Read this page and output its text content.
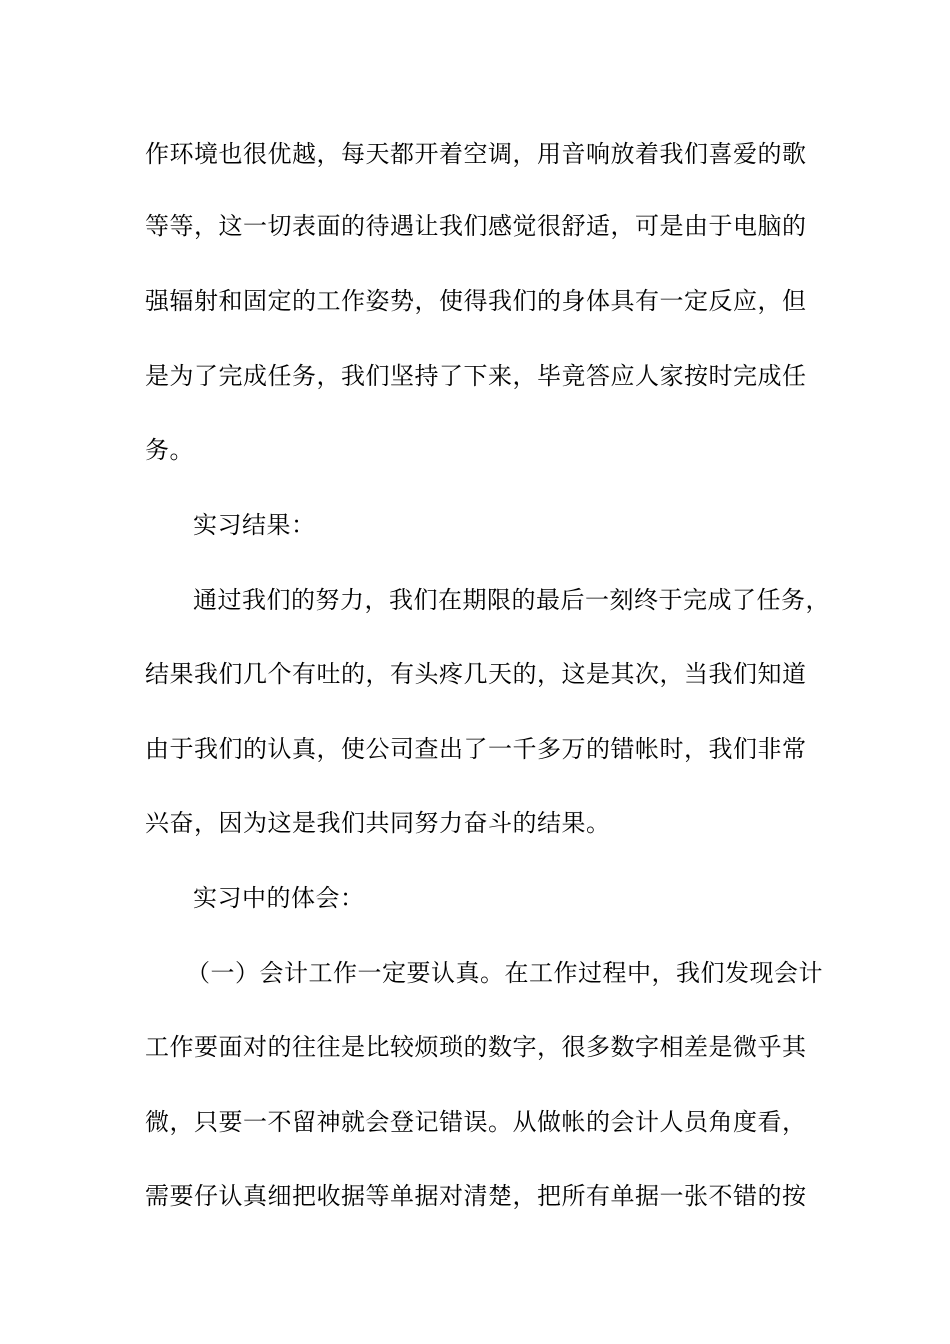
作环境也很优越，每天都开着空调，用音响放着我们喜爱的歌
等等，这一切表面的待遇让我们感觉很舒适，可是由于电脑的
强辐射和固定的工作姿势，使得我们的身体具有一定反应，但
是为了完成任务，我们坚持了下来，毕竟答应人家按时完成任
务。
实习结果：
通过我们的努力，我们在期限的最后一刻终于完成了任务，
结果我们几个有吐的，有头疼几天的，这是其次，当我们知道
由于我们的认真，使公司查出了一千多万的错帐时，我们非常
兴奋，因为这是我们共同努力奋斗的结果。
实习中的体会：
（一）会计工作一定要认真。在工作过程中，我们发现会计
工作要面对的往往是比较烦琐的数字，很多数字相差是微乎其
微，只要一不留神就会登记错误。从做帐的会计人员角度看，
需要仔认真细把收据等单据对清楚，把所有单据一张不错的按
